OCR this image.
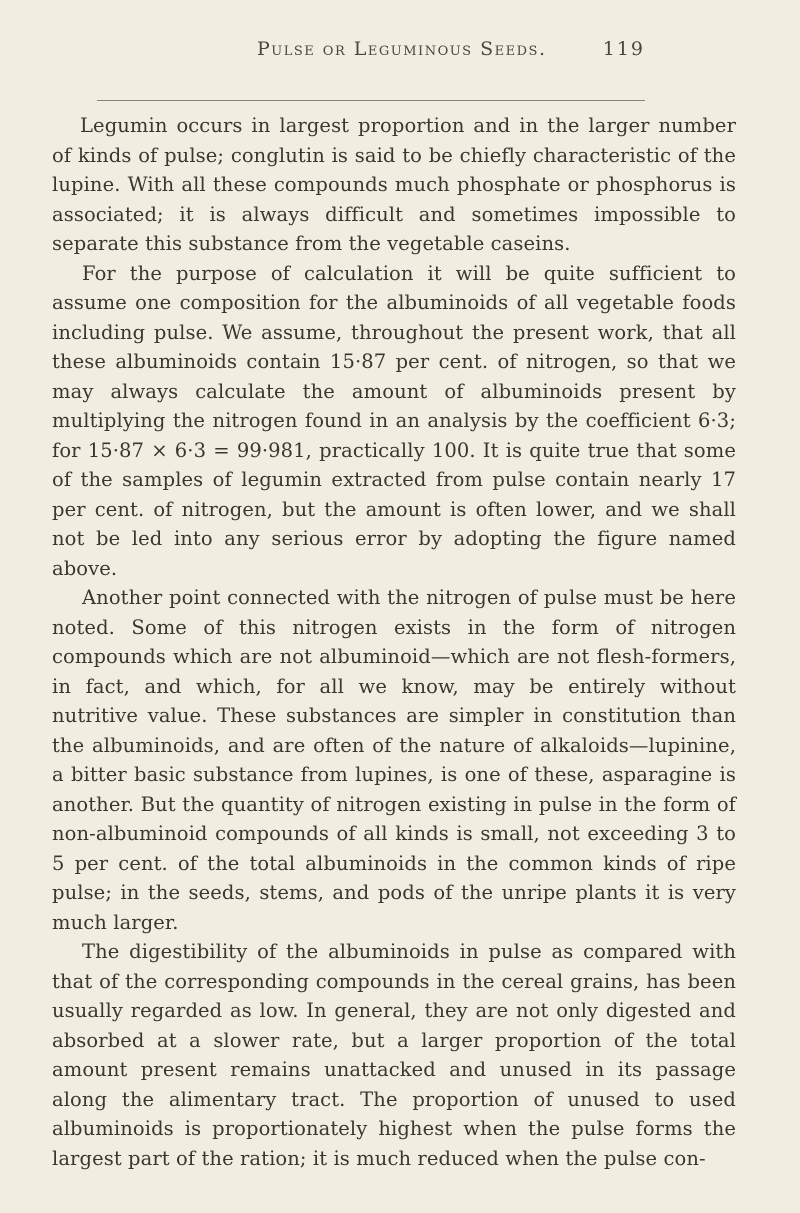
Pulse or Leguminous Seeds.	119

Legumin occurs in largest proportion and in the larger number of kinds of pulse; conglutin is said to be chiefly characteristic of the lupine. With all these compounds much phosphate or phosphorus is associated; it is always difficult and sometimes impossible to separate this substance from the vegetable caseins.

For the purpose of calculation it will be quite sufficient to assume one composition for the albuminoids of all vegetable foods including pulse. We assume, throughout the present work, that all these albuminoids contain 15·87 per cent. of nitrogen, so that we may always calculate the amount of albuminoids present by multiplying the nitrogen found in an analysis by the coefficient 6·3; for 15·87 × 6·3 = 99·981, practically 100. It is quite true that some of the samples of legumin extracted from pulse contain nearly 17 per cent. of nitrogen, but the amount is often lower, and we shall not be led into any serious error by adopting the figure named above.

Another point connected with the nitrogen of pulse must be here noted. Some of this nitrogen exists in the form of nitrogen compounds which are not albuminoid—which are not flesh-formers, in fact, and which, for all we know, may be entirely without nutritive value. These substances are simpler in constitution than the albuminoids, and are often of the nature of alkaloids—lupinine, a bitter basic substance from lupines, is one of these, asparagine is another. But the quantity of nitrogen existing in pulse in the form of non-albuminoid compounds of all kinds is small, not exceeding 3 to 5 per cent. of the total albuminoids in the common kinds of ripe pulse; in the seeds, stems, and pods of the unripe plants it is very much larger.

The digestibility of the albuminoids in pulse as compared with that of the corresponding compounds in the cereal grains, has been usually regarded as low. In general, they are not only digested and absorbed at a slower rate, but a larger proportion of the total amount present remains unattacked and unused in its passage along the alimentary tract. The proportion of unused to used albuminoids is proportionately highest when the pulse forms the largest part of the ration; it is much reduced when the pulse con-
